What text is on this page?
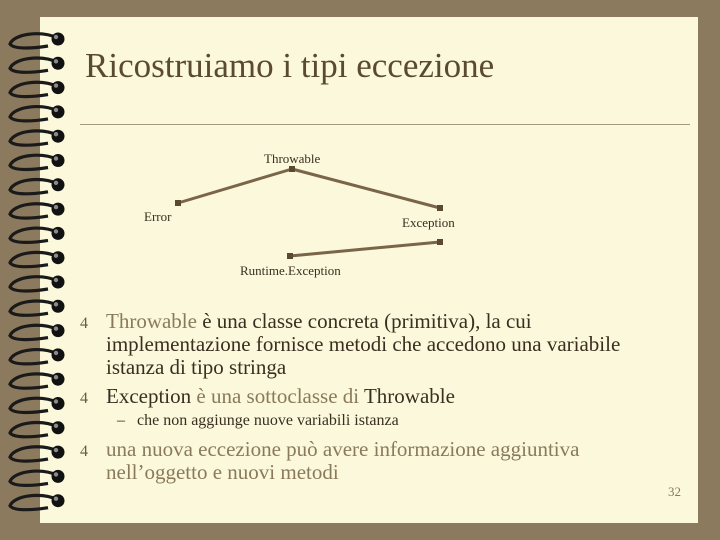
Ricostruiamo i tipi eccezione
Throwable
Error	Exception
Runtime.Exception
4 Throwable è una classe concreta (primitiva), la cui implementazione fornisce metodi che accedono una variabile istanza di tipo stringa
4 Exception è una sottoclasse di Throwable
– che non aggiunge nuove variabili istanza
4 una nuova eccezione può avere informazione aggiuntiva nell’oggetto e nuovi metodi
32
